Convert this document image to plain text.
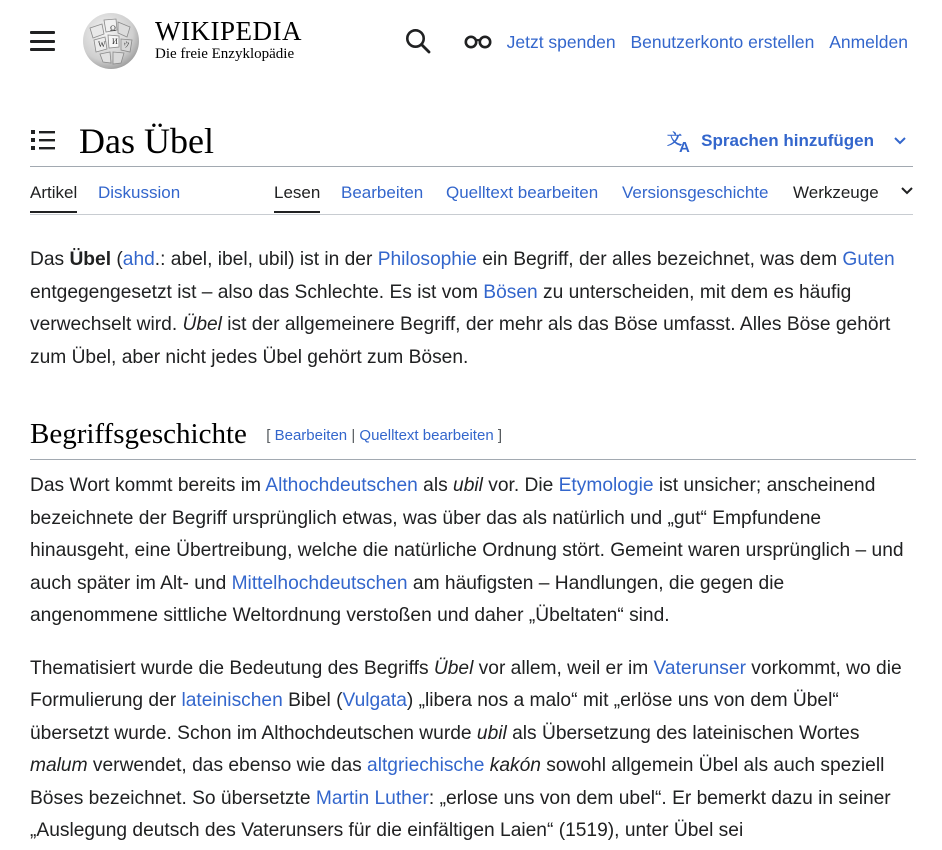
Ω
W И ウ WIKIPEDIA
Die freie Enzyklopädie
Jetzt spenden Benutzerkonto erstellen Anmelden
Das Übel	文
A Sprachen hinzufügen
Artikel Diskussion	Lesen Bearbeiten Quelltext bearbeiten Versionsgeschichte Werkzeuge

Das Übel (ahd.: abel, ibel, ubil) ist in der Philosophie ein Begriff, der alles bezeichnet, was dem Guten entgegengesetzt ist – also das Schlechte. Es ist vom Bösen zu unterscheiden, mit dem es häufig verwechselt wird. Übel ist der allgemeinere Begriff, der mehr als das Böse umfasst. Alles Böse gehört zum Übel, aber nicht jedes Übel gehört zum Bösen.

Begriffsgeschichte [ Bearbeiten | Quelltext bearbeiten ]

Das Wort kommt bereits im Althochdeutschen als ubil vor. Die Etymologie ist unsicher; anscheinend bezeichnete der Begriff ursprünglich etwas, was über das als natürlich und „gut“ Empfundene hinausgeht, eine Übertreibung, welche die natürliche Ordnung stört. Gemeint waren ursprünglich – und auch später im Alt- und Mittelhochdeutschen am häufigsten – Handlungen, die gegen die angenommene sittliche Weltordnung verstoßen und daher „Übeltaten“ sind.

Thematisiert wurde die Bedeutung des Begriffs Übel vor allem, weil er im Vaterunser vorkommt, wo die Formulierung der lateinischen Bibel (Vulgata) „libera nos a malo“ mit „erlöse uns von dem Übel“ übersetzt wurde. Schon im Althochdeutschen wurde ubil als Übersetzung des lateinischen Wortes malum verwendet, das ebenso wie das altgriechische kakón sowohl allgemein Übel als auch speziell Böses bezeichnet. So übersetzte Martin Luther: „erlose uns von dem ubel“. Er bemerkt dazu in seiner „Auslegung deutsch des Vaterunsers für die einfältigen Laien“ (1519), unter Übel sei
